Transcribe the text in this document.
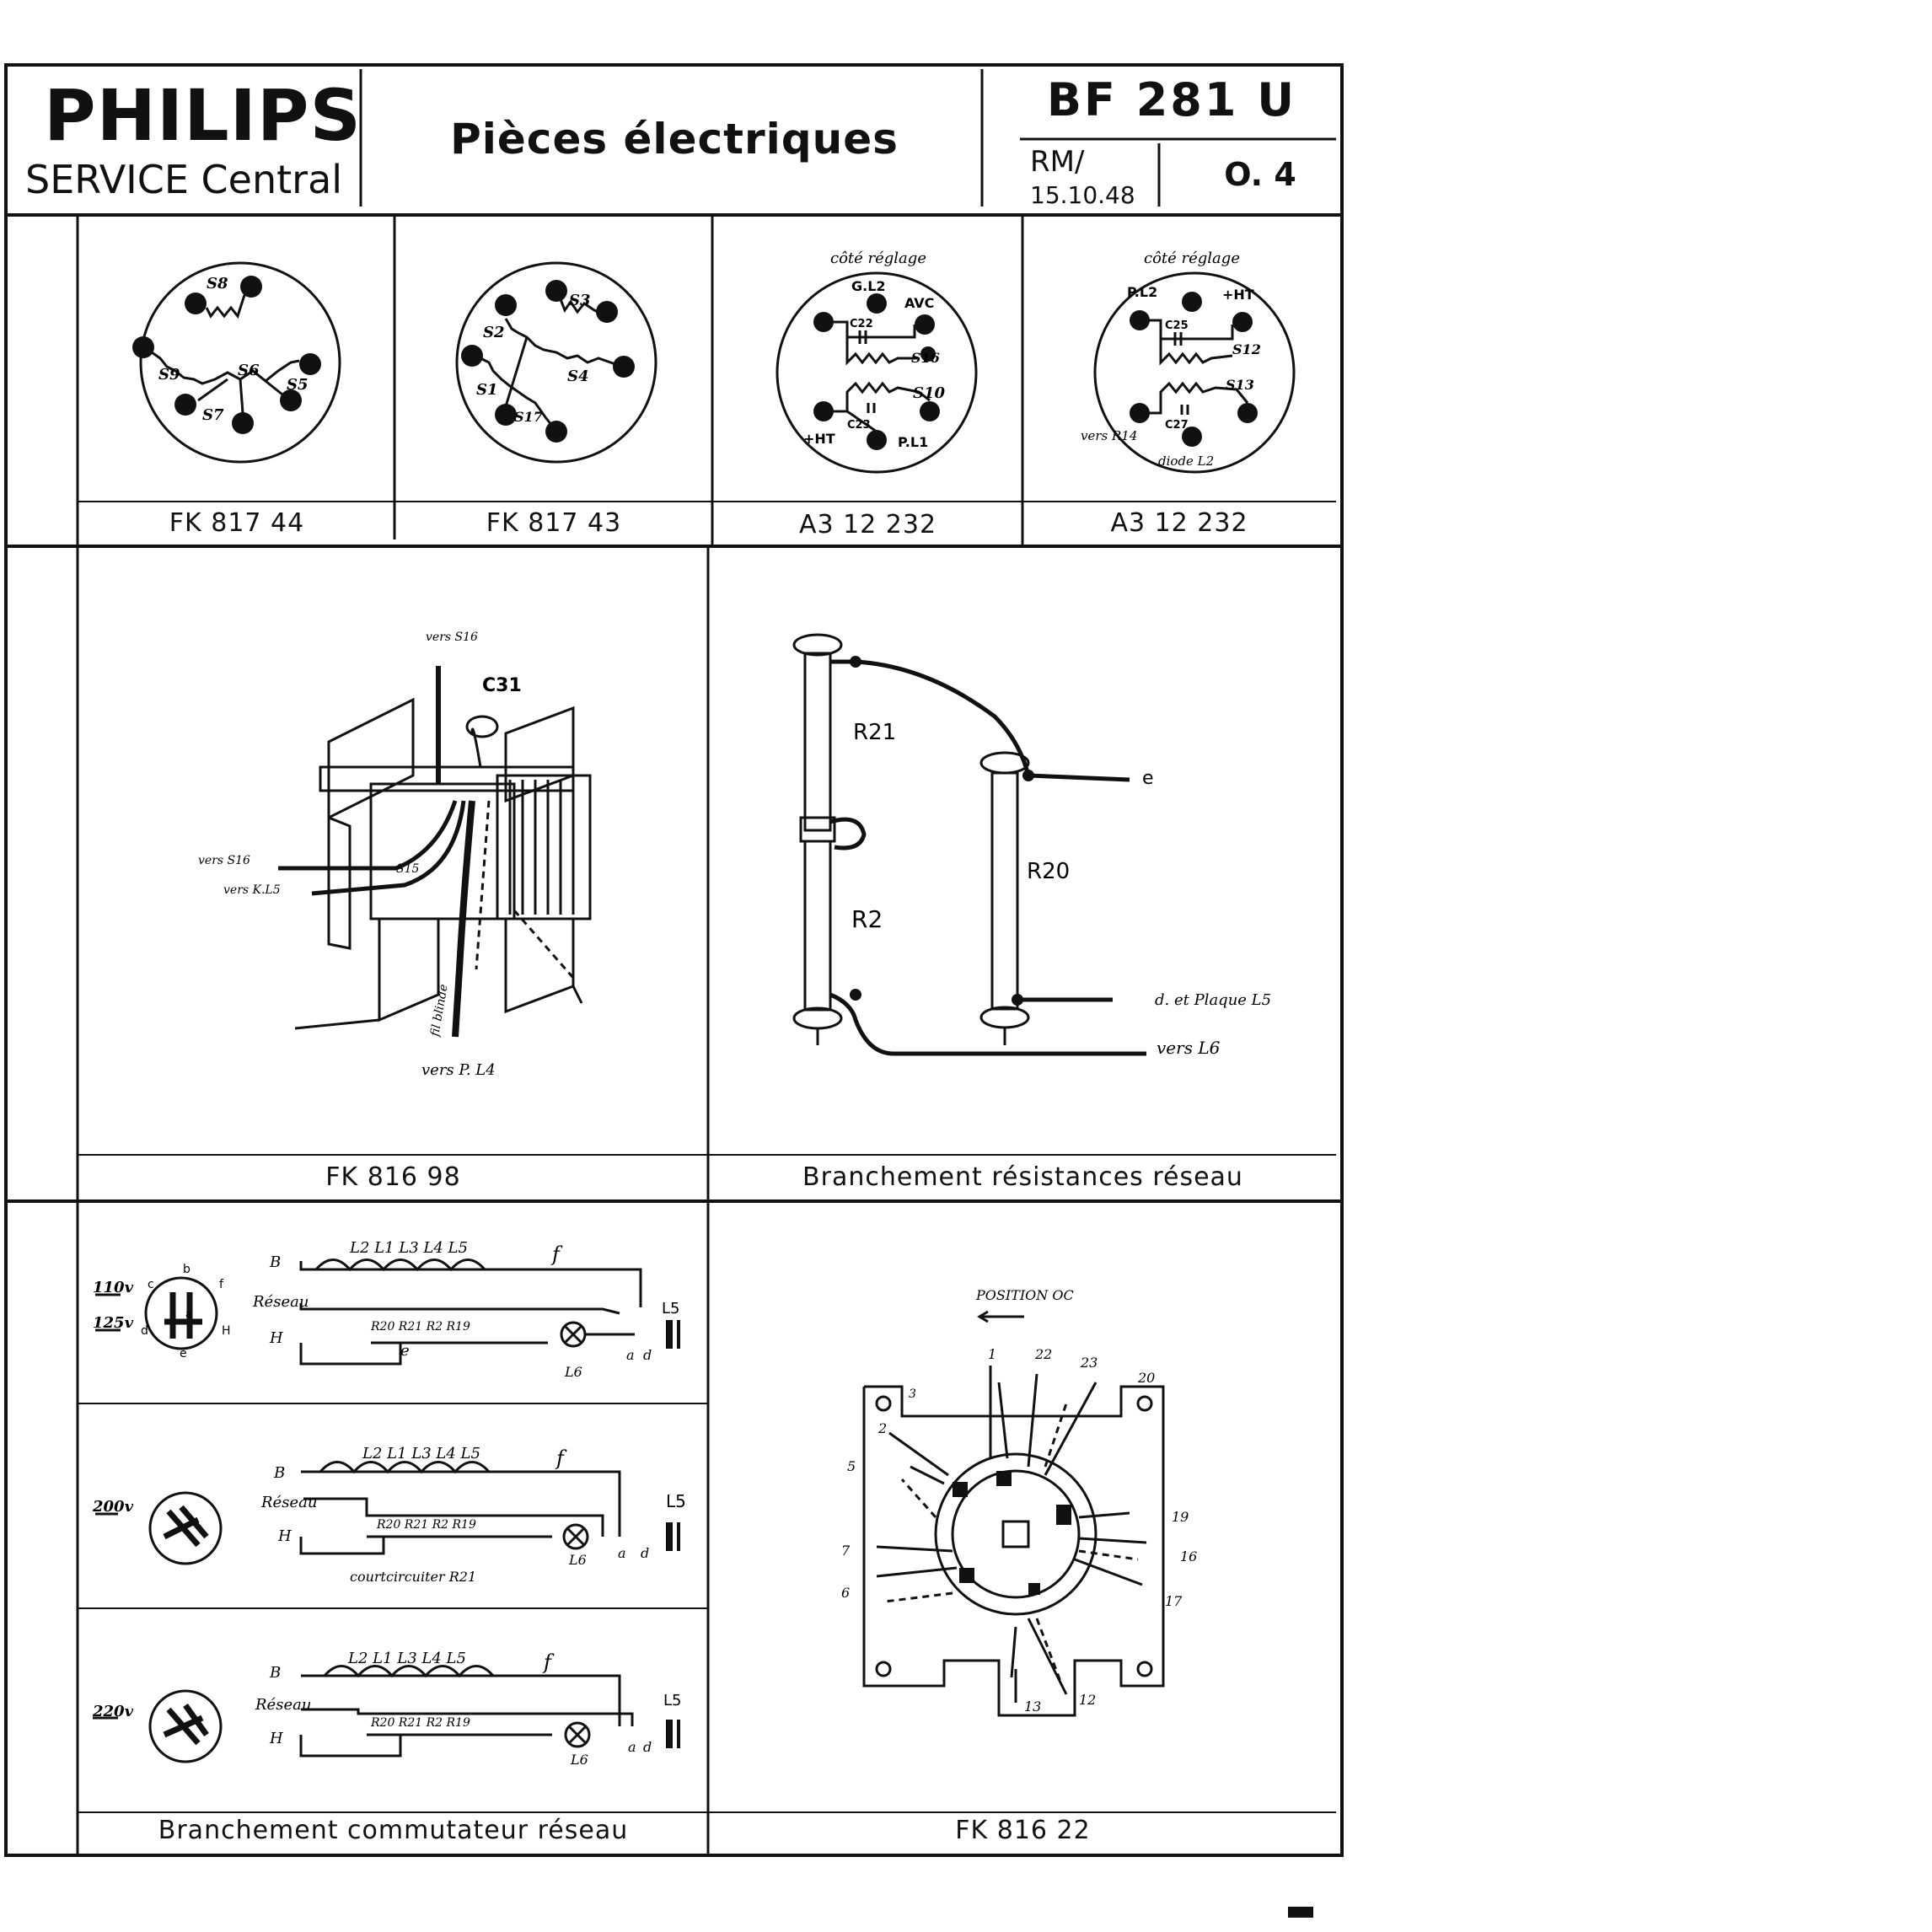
PHILIPS
SERVICE Central
Pièces électriques
BF 281 U
RM/
15.10.48
O. 4
S8
S9	S6
S5
S7
S3
S2
S4
S1
S17
côté réglage
G.L2
AVC
C22
S16
S10
C23
+HT	P.L1
côté réglage
P.L2	+HT
C25
S12
S13
C27
vers R14
diode L2
FK 817 44	FK 817 43	A3 12 232	A3 12 232
vers S16
C31
vers S16
vers K.L5
S15
fil blindé
vers P. L4
R21
R2
R20
e
d. et Plaque L5
vers L6
FK 816 98	Branchement résistances réseau
110v
125v
B
Réseau
H
L2 L1 L3 L4 L5	f
R20 R21 R2 R19
e
L6
L5
a d
200v
B
Réseau
H
L2 L1 L3 L4 L5	f
R20 R21 R2 R19
L6 a d
L5
courtcircuiter R21
220v
B
Réseau
H
L2 L1 L3 L4 L5	f
R20 R21 R2 R19
L6
L5
a d
b
c	f
a
d	H
e
POSITION OC
1	22
23
20
3
2
5
19
16
7
6
17
13	12
Branchement commutateur réseau	FK 816 22
